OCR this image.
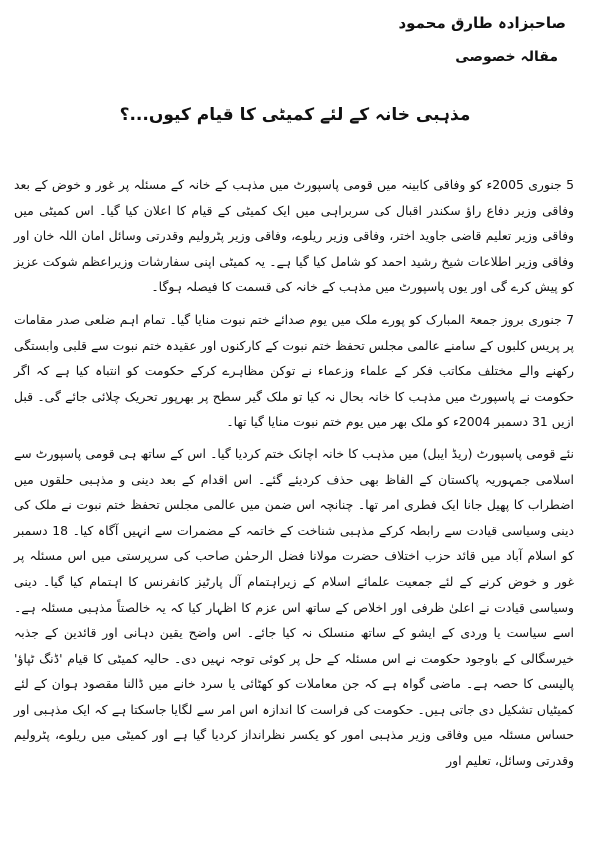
صاحبزادہ طارق محمود
مقالہ خصوصی
مذہبی خانہ کے لئے کمیٹی کا قیام کیوں...؟

5 جنوری 2005ء کو وفاقی کابینہ میں قومی پاسپورٹ میں مذہب کے خانہ کے مسئلہ پر غور و خوض کے بعد وفاقی وزیر دفاع راؤ سکندر اقبال کی سربراہی میں ایک کمیٹی کے قیام کا اعلان کیا گیا۔ اس کمیٹی میں وفاقی وزیر تعلیم قاضی جاوید اختر، وفاقی وزیر ریلوے، وفاقی وزیر پٹرولیم وقدرتی وسائل امان اللہ خان اور وفاقی وزیر اطلاعات شیخ رشید احمد کو شامل کیا گیا ہے۔ یہ کمیٹی اپنی سفارشات وزیراعظم شوکت عزیز کو پیش کرے گی اور یوں پاسپورٹ میں مذہب کے خانہ کی قسمت کا فیصلہ ہوگا۔

7 جنوری بروز جمعۃ المبارک کو پورے ملک میں یوم صدائے ختم نبوت منایا گیا۔ تمام اہم ضلعی صدر مقامات پر پریس کلبوں کے سامنے عالمی مجلس تحفظ ختم نبوت کے کارکنوں اور عقیدہ ختم نبوت سے قلبی وابستگی رکھنے والے مختلف مکاتب فکر کے علماء وزعماء نے توکن مظاہرے کرکے حکومت کو انتباہ کیا ہے کہ اگر حکومت نے پاسپورٹ میں مذہب کا خانہ بحال نہ کیا تو ملک گیر سطح پر بھرپور تحریک چلائی جائے گی۔ قبل ازیں 31 دسمبر 2004ء کو ملک بھر میں یوم ختم نبوت منایا گیا تھا۔

نئے قومی پاسپورٹ (ریڈ ایبل) میں مذہب کا خانہ اچانک ختم کردیا گیا۔ اس کے ساتھ ہی قومی پاسپورٹ سے اسلامی جمہوریہ پاکستان کے الفاظ بھی حذف کردیئے گئے۔ اس اقدام کے بعد دینی و مذہبی حلقوں میں اضطراب کا پھیل جانا ایک فطری امر تھا۔ چنانچہ اس ضمن میں عالمی مجلس تحفظ ختم نبوت نے ملک کی دینی وسیاسی قیادت سے رابطہ کرکے مذہبی شناخت کے خاتمہ کے مضمرات سے انہیں آگاہ کیا۔ 18 دسمبر کو اسلام آباد میں قائد حزب اختلاف حضرت مولانا فضل الرحمٰن صاحب کی سرپرستی میں اس مسئلہ پر غور و خوض کرنے کے لئے جمعیت علمائے اسلام کے زیراہتمام آل پارٹیز کانفرنس کا اہتمام کیا گیا۔ دینی وسیاسی قیادت نے اعلیٰ ظرفی اور اخلاص کے ساتھ اس عزم کا اظہار کیا کہ یہ خالصتاً مذہبی مسئلہ ہے۔ اسے سیاست یا وردی کے ایشو کے ساتھ منسلک نہ کیا جائے۔ اس واضح یقین دہانی اور قائدین کے جذبہ خیرسگالی کے باوجود حکومت نے اس مسئلہ کے حل پر کوئی توجہ نہیں دی۔ حالیہ کمیٹی کا قیام 'ڈنگ ٹپاؤ' پالیسی کا حصہ ہے۔ ماضی گواہ ہے کہ جن معاملات کو کھٹائی یا سرد خانے میں ڈالنا مقصود ہوان کے لئے کمیٹیاں تشکیل دی جاتی ہیں۔ حکومت کی فراست کا اندازہ اس امر سے لگایا جاسکتا ہے کہ ایک مذہبی اور حساس مسئلہ میں وفاقی وزیر مذہبی امور کو یکسر نظرانداز کردیا گیا ہے اور کمیٹی میں ریلوے، پٹرولیم وقدرتی وسائل، تعلیم اور
